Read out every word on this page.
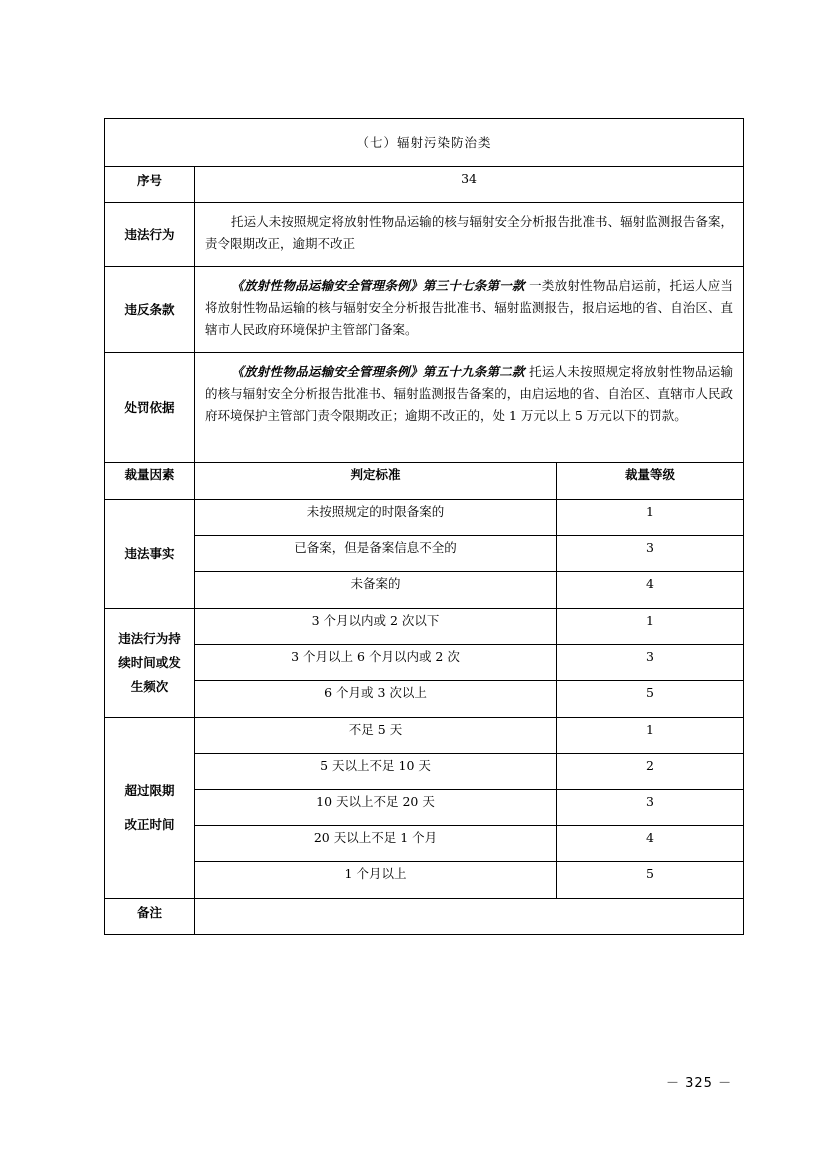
（七）辐射污染防治类		
序号	34	
违法行为	托运人未按照规定将放射性物品运输的核与辐射安全分析报告批准书、辐射监测报告备案，责令限期改正，逾期不改正	
违反条款	《放射性物品运输安全管理条例》第三十七条第一款 一类放射性物品启运前，托运人应当将放射性物品运输的核与辐射安全分析报告批准书、辐射监测报告，报启运地的省、自治区、直辖市人民政府环境保护主管部门备案。	
处罚依据	《放射性物品运输安全管理条例》第五十九条第二款 托运人未按照规定将放射性物品运输的核与辐射安全分析报告批准书、辐射监测报告备案的，由启运地的省、自治区、直辖市人民政府环境保护主管部门责令限期改正；逾期不改正的，处 1 万元以上 5 万元以下的罚款。	
裁量因素	判定标准	裁量等级
违法事实	未按照规定的时限备案的	1
	已备案，但是备案信息不全的	3
	未备案的	4

违法行为持
续时间或发
生频次	3 个月以内或 2 次以下	1
	3 个月以上 6 个月以内或 2 次	3
	6 个月或 3 次以上	5

超过限期
改正时间	不足 5 天	1
	5 天以上不足 10 天	2
	10 天以上不足 20 天	3
	20 天以上不足 1 个月	4
	1 个月以上	5
备注		
－ 325 －
